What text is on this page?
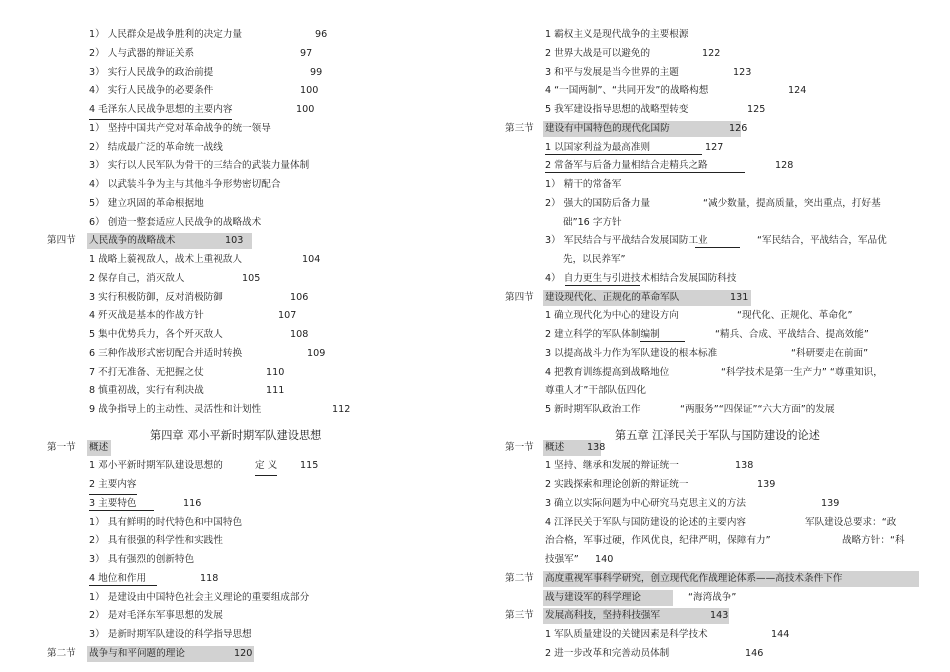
1） 人民群众是战争胜利的决定力量	96
2） 人与武器的辩证关系	97
3） 实行人民战争的政治前提	99
4） 实行人民战争的必要条件	100
4 毛泽东人民战争思想的主要内容	100
1） 坚持中国共产党对革命战争的统一领导
2） 结成最广泛的革命统一战线
3） 实行以人民军队为骨干的三结合的武装力量体制
4） 以武装斗争为主与其他斗争形势密切配合
5） 建立巩固的革命根据地
6） 创造一整套适应人民战争的战略战术
第四节 人民战争的战略战术	103
1 战略上藐视敌人，战术上重视敌人	104
2 保存自己，消灭敌人	105
3 实行积极防御，反对消极防御	106
4 歼灭战是基本的作战方针	107
5 集中优势兵力，各个歼灭敌人	108
6 三种作战形式密切配合并适时转换	109
7 不打无准备、无把握之仗	110
8 慎重初战，实行有利决战	111
9 战争指导上的主动性、灵活性和计划性	112
第四章 邓小平新时期军队建设思想
第一节 概述
1 邓小平新时期军队建设思想的	定 义 115
2 主要内容
3 主要特色	116
1） 具有鲜明的时代特色和中国特色
2） 具有很强的科学性和实践性
3） 具有强烈的创新特色
4 地位和作用	118
1） 是建设由中国特色社会主义理论的重要组成部分
2） 是对毛泽东军事思想的发展
3） 是新时期军队建设的科学指导思想
第二节 战争与和平问题的理论	120
1 霸权主义是现代战争的主要根源
2 世界大战是可以避免的	122
3 和平与发展是当今世界的主题	123
4 “一国两制”、“共同开发”的战略构想	124
5 我军建设指导思想的战略型转变	125
第三节 建设有中国特色的现代化国防	126
1 以国家利益为最高准则	127
2 常备军与后备力量相结合走精兵之路	128
1） 精干的常备军
2） 强大的国防后备力量	“减少数量，提高质量，突出重点，打好基
础”16 字方针
3） 军民结合与平战结合发展国防工业	“军民结合，平战结合，军品优
先，以民养军”
4） 自力更生与引进技术相结合发展国防科技
第四节 建设现代化、正规化的革命军队	131
1 确立现代化为中心的建设方向	“现代化、正规化、革命化”
2 建立科学的军队体制编制	“精兵、合成、平战结合、提高效能”
3 以提高战斗力作为军队建设的根本标准	“科研要走在前面”
4 把教育训练提高到战略地位	“科学技术是第一生产力” “尊重知识，
尊重人才”干部队伍四化
5 新时期军队政治工作	“两服务”“四保证”“六大方面”的发展
第五章 江泽民关于军队与国防建设的论述
第一节 概述 138
1 坚持、继承和发展的辩证统一	138
2 实践探索和理论创新的辩证统一	139
3 确立以实际问题为中心研究马克思主义的方法	139
4 江泽民关于军队与国防建设的论述的主要内容	军队建设总要求：“政
治合格，军事过硬，作风优良，纪律严明，保障有力”	战略方针：“科
技强军” 140
第二节 高度重视军事科学研究，创立现代化作战理论体系——高技术条件下作
战与建设军的科学理论	“海湾战争”
第三节 发展高科技，坚持科技强军	143
1 军队质量建设的关键因素是科学技术	144
2 进一步改革和完善动员体制	146
